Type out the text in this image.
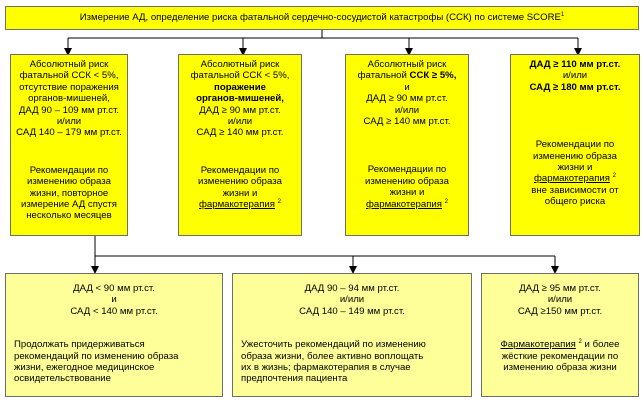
Измерение АД, определение риска фатальной сердечно-сосудистой катастрофы (ССК) по системе SCORE$^1$
Абсолютный риск
фатальной ССК < 5%,
отсутствие поражения
органов-мишеней,
ДАД 90 – 109 мм рт.ст.
и/или
САД 140 – 179 мм рт.ст.
Рекомендации по
изменению образа
жизни, повторное
измерение АД спустя
несколько месяцев
Абсолютный риск
фатальной ССК < 5%,
поражение
органов-мишеней,
ДАД ≥ 90 мм рт.ст.
и/или
САД ≥ 140 мм рт.ст.
Рекомендации по
изменению образа
жизни и
фармакотерапия $^2$
Абсолютный риск
фатальной ССК ≥ 5%,
и
ДАД ≥ 90 мм рт.ст.
и/или
САД ≥ 140 мм рт.ст.
Рекомендации по
изменению образа
жизни и
фармакотерапия $^2$
ДАД ≥ 110 мм рт.ст.
и/или
САД ≥ 180 мм рт.ст.
Рекомендации по
изменению образа
жизни и
фармакотерапия $^2$
вне зависимости от
общего риска
ДАД < 90 мм рт.ст.
и
САД < 140 мм рт.ст.
Продолжать придерживаться
рекомендаций по изменению образа
жизни, ежегодное медицинское
освидетельствование
ДАД 90 – 94 мм рт.ст.
и/или
САД 140 – 149 мм рт.ст.
Ужесточить рекомендаций по изменению
образа жизни, более активно воплощать
их в жизнь; фармакотерапия в случае
предпочтения пациента
ДАД ≥ 95 мм рт.ст.
и/или
САД ≥150 мм рт.ст.
Фармакотерапия $^2$ и более
жёсткие рекомендации по
изменению образа жизни
